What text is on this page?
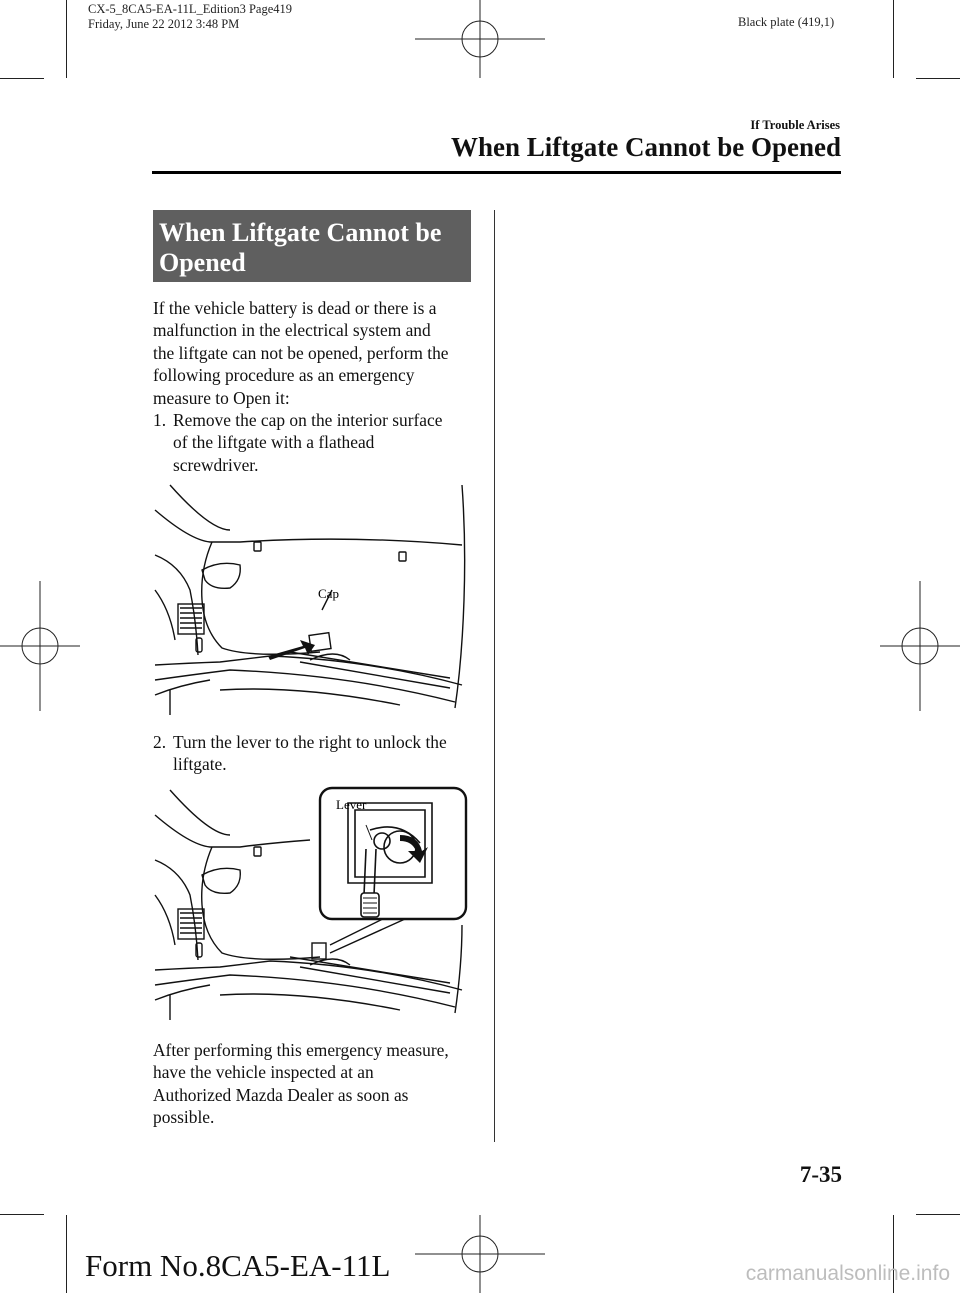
CX-5_8CA5-EA-11L_Edition3 Page419
Friday, June 22 2012 3:48 PM	Black plate (419,1)
If Trouble Arises
When Liftgate Cannot be Opened
When Liftgate Cannot be
Opened
If the vehicle battery is dead or there is a
malfunction in the electrical system and
the liftgate can not be opened, perform the
following procedure as an emergency
measure to Open it:
1. Remove the cap on the interior surface
of the liftgate with a flathead
screwdriver.
Cap
2. Turn the lever to the right to unlock the
liftgate.
Lever
After performing this emergency measure,
have the vehicle inspected at an
Authorized Mazda Dealer as soon as
possible.
7-35
Form No.8CA5-EA-11L	carmanualsonline.info
